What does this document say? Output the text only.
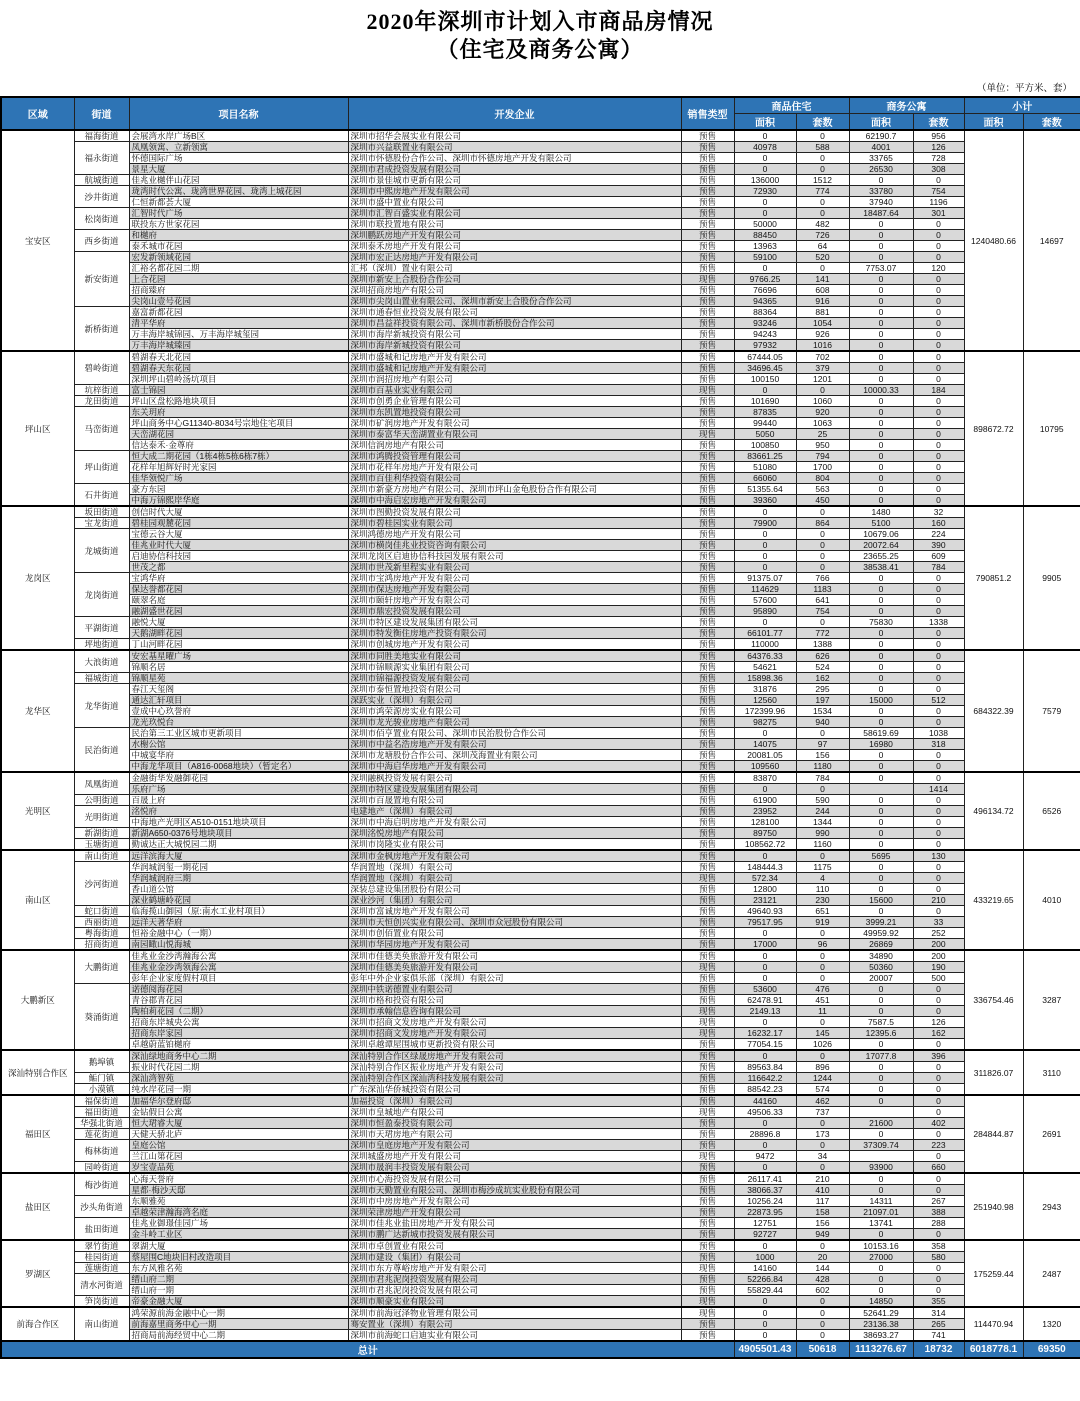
2020年深圳市计划入市商品房情况
（住宅及商务公寓）
（单位：平方米、套）
区域	街道	项目名称	开发企业	销售类型	商品住宅		商务公寓		小计	
					面积	套数	面积	套数	面积	套数
宝安区	福海街道	会展湾水岸广场B区	深圳市招华会展实业有限公司	预售	0	0	62190.7	956	1240480.66	14697
	福永街道	凤凰领寓、立新领寓	深圳市兴益联置业有限公司	预售	40978	588	4001	126		
		怀德国际广场	深圳市怀德股份合作公司、深圳市怀德房地产开发有限公司	预售	0	0	33765	728		
		景星大厦	深圳市君成投资发展有限公司	预售	0	0	26530	308		
	航城街道	佳兆业樾伴山花园	深圳市景佳城市更新有限公司	预售	136000	1512	0	0		
	沙井街道	珑湾时代公寓、珑湾世界花园、珑湾上城花园	深圳市中熙房地产开发有限公司	预售	72930	774	33780	754		
		仁恒新都荟大厦	深圳市盛中置业有限公司	预售	0	0	37940	1196		
	松岗街道	汇智时代广场	深圳市汇智百盛实业有限公司	预售	0	0	18487.64	301		
		联投东方世家花园	深圳市联投置地有限公司	预售	50000	482	0	0		
	西乡街道	和樾府	深圳鹏跃房地产开发有限公司	预售	88450	726	0	0		
		泰禾城市花园	深圳泰禾房地产开发有限公司	预售	13963	64	0	0		
	新安街道	宏发新领域花园	深圳市宏正达房地产开发有限公司	预售	59100	520	0	0		
		汇裕名都花园二期	汇邦（深圳）置业有限公司	预售	0	0	7753.07	120		
		上合花园	深圳市新安上合股份合作公司	现售	9766.25	141	0	0		
		招商臻府	深圳招商房地产有限公司	预售	76696	608	0	0		
		尖岗山壹号花园	深圳市尖岗山置业有限公司、深圳市新安上合股份合作公司	预售	94365	916	0	0		
	新桥街道	嘉富新都花园	深圳市通春恒业投资发展有限公司	预售	88364	881	0	0		
		清平华府	深圳市昌益祥投资有限公司、深圳市新桥股份合作公司	预售	93246	1054	0	0		
		万丰海岸城锦园、万丰海岸城玺园	深圳市海岸新城投资有限公司	预售	94243	926	0	0		
		万丰海岸城臻园	深圳市海岸新城投资有限公司	预售	97932	1016	0	0		
坪山区	碧岭街道	碧湖春天北花园	深圳市盛城和记房地产开发有限公司	预售	67444.05	702	0	0	898672.72	10795
		碧湖春天东花园	深圳市盛城和记房地产开发有限公司	预售	34696.45	379	0	0		
		深圳坪山碧岭汤坑项目	深圳市润招房地产有限公司	预售	100150	1201	0	0		
	坑梓街道	富士锦园	深圳市百基业实业有限公司	现售	0	0	10000.33	184		
	龙田街道	坪山区盘松路地块项目	深圳市创勇企业管理有限公司	预售	101690	1060	0	0		
	马峦街道	东关玥府	深圳市东凯置地投资有限公司	预售	87835	920	0	0		
		坪山商务中心G11340-8034号宗地住宅项目	深圳市矿润房地产开发有限公司	预售	99440	1063	0	0		
		天峦湖花园	深圳市泰富华天峦湖置业有限公司	现售	5050	25	0	0		
		信达泰禾·金尊府	深圳信润房地产有限公司	预售	100850	950	0	0		
	坪山街道	恒大成二期花园（1栋4栋5栋6栋7栋）	深圳市鸿腾投资管理有限公司	预售	83661.25	794	0	0		
		花样年旭辉好时光家园	深圳市花样年房地产开发有限公司	预售	51080	1700	0	0		
		佳华领悦广场	深圳市百佳利华投资有限公司	预售	66060	804	0	0		
	石井街道	豪方东园	深圳市新豪方房地产有限公司、深圳市坪山金龟股份合作有限公司	预售	51355.64	563	0	0		
		中海万锦熙岸华庭	深圳市中海启宏房地产开发有限公司	预售	39360	450	0	0		
龙岗区	坂田街道	创信时代大厦	深圳市图勤投资发展有限公司	预售	0	0	1480	32	790851.2	9905
	宝龙街道	碧桂园观麓花园	深圳市碧桂园实业有限公司	预售	79900	864	5100	160		
	龙城街道	宝德云谷大厦	深圳鸿德房地产开发有限公司	预售	0	0	10679.06	224		
		佳兆业时代大厦	深圳市横岗佳兆业投资咨询有限公司	预售	0	0	20072.64	390		
		启迪协信科技园	深圳龙岗区启迪协信科技园发展有限公司	预售	0	0	23655.25	609		
		世茂之都	深圳市世茂新里程实业有限公司	预售	0	0	38538.41	784		
	龙岗街道	宝鸿华府	深圳市宝鸿房地产开发有限公司	预售	91375.07	766	0	0		
		保达誉都花园	深圳市保达房地产开发有限公司	预售	114629	1183	0	0		
		颐翠名庭	深圳市颐轩房地产开发有限公司	预售	57600	641	0	0		
		融湖盛世花园	深圳市鼎宏投资发展有限公司	预售	95890	754	0	0		
	平湖街道	融悦大厦	深圳市特区建设发展集团有限公司	预售	0	0	75830	1338		
		天鹅湖畔花园	深圳市特发衡住房地产投资有限公司	预售	66101.77	772	0	0		
	坪地街道	丁山河畔花园	深圳市创城房地产开发有限公司	预售	110000	1388	0	0		
龙华区	大浪街道	安宏基星曜广场	深圳市同胜美地实业有限公司	预售	64376.33	626	0	0	684322.39	7579
		锦顺名居	深圳市锦顺源实业集团有限公司	预售	54621	524	0	0		
	福城街道	锦顺星苑	深圳市锦福源投资发展有限公司	预售	15898.36	162	0	0		
	龙华街道	春江天玺阁	深圳市泰恒置地投资有限公司	预售	31876	295	0	0		
		通达汇轩项目	深跃实业（深圳）有限公司	预售	12560	197	15000	512		
		壹成中心玖誉府	深圳市鸿荣源房实业有限公司	预售	172399.96	1534	0	0		
		龙光玖悦台	深圳市龙光骏业房地产有限公司	预售	98275	940	0	0		
	民治街道	民治第三工业区城市更新项目	深圳市佰亨置业有限公司、深圳市民治股份合作公司	预售	0	0	58619.69	1038		
		水榭公馆	深圳市中益名浩房地产开发有限公司	预售	14075	97	16980	318		
		中城宴华府	深圳市龙塘股份合作公司、深圳茂海置业有限公司	预售	20081.05	156	0	0		
		中海龙华项目（A816-0068地块）（暂定名）	深圳市中海启华房地产开发有限公司	预售	109560	1180	0	0		
光明区	凤凰街道	金融街华发融御花园	深圳融枫投资发展有限公司	预售	83870	784	0	0	496134.72	6526
		乐府广场	深圳市特区建设发展集团有限公司	预售	0	0		1414		
	公明街道	百晟上府	深圳市百晟置地有限公司	预售	61900	590	0	0		
	光明街道	洺悦府	电建地产（深圳）有限公司	预售	23952	244	0	0		
		中海地产光明区A510-0151地块项目	深圳市中海启明房地产开发有限公司	预售	128100	1344	0	0		
	新湖街道	新湖A650-0376号地块项目	深圳洺悦房地产有限公司	预售	89750	990	0	0		
	玉塘街道	勤诚达正大城悦园二期	深圳市岗隆实业有限公司	预售	108562.72	1160	0	0		
南山区	南山街道	远洋滨海大厦	深圳市金枫房地产开发有限公司	预售	0	0	5695	130	433219.65	4010
	沙河街道	华润城润玺一期花园	华润置地（深圳）有限公司	预售	148444.3	1175	0	0		
		华润城润府三期	华润置地（深圳）有限公司	现售	572.34	4	0	0		
		香山道公馆	深装总建设集团股份有限公司	预售	12800	110	0	0		
		深业鹤塘岭花园	深业沙河（集团）有限公司	预售	23121	230	15600	210		
	蛇口街道	临海揽山御园（原:南水工业村项目）	深圳市富诚房地产开发有限公司	预售	49640.93	651	0	0		
	西丽街道	远洋天著华府	深圳市天恒创兴实业有限公司、深圳市众冠股份有限公司	预售	79517.95	919	3999.21	33		
	粤海街道	恒裕金融中心（一期）	深圳市创佰置业有限公司	预售	0	0	49959.92	252		
	招商街道	南园瞰山悦海城	深圳市华园房地产开发有限公司	预售	17000	96	26869	200		
大鹏新区	大鹏街道	佳兆业金沙湾瀚海公寓	深圳市佳德美奂旅游开发有限公司	预售	0	0	34890	200	336754.46	3287
		佳兆业金沙湾领海公寓	深圳市佳德美奂旅游开发有限公司	现售	0	0	50360	190		
		彭年企业家度假村项目	彭年中外企业家俱乐部（深圳）有限公司	预售	0	0	20007	500		
	葵涌街道	诺德阅海花园	深圳中铁诺德置业有限公司	预售	53600	476	0	0		
		青谷郡青花园	深圳市格和投资有限公司	预售	62478.91	451	0	0		
		陶柏莉花园（二期）	深圳市承翰信息咨询有限公司	现售	2149.13	11	0	0		
		招商东岸城央公寓	深圳市招商文发房地产开发有限公司	现售	0	0	7587.5	126		
		招商东岸家园	深圳市招商文发房地产开发有限公司	现售	16232.17	145	12395.6	162		
		卓越蔚蓝铂樾府	深圳卓越谭屋围城市更新投资有限公司	预售	77054.15	1026	0	0		
深汕特别合作区	鹅埠镇	深汕绿地商务中心二期	深汕特别合作区绿晟房地产开发有限公司	预售	0	0	17077.8	396	311826.07	3110
		振业时代花园二期	深汕特别合作区振业房地产开发有限公司	预售	89563.84	896	0	0		
	鲘门镇	深汕湾智苑	深汕特别合作区深汕湾科技发展有限公司	预售	116642.2	1244	0	0		
	小漠镇	纯水岸花园一期	广东深汕华侨城投资有限公司	预售	88542.23	574	0	0		
福田区	福保街道	加福华尔登府邸	加福投资（深圳）有限公司	预售	44160	462	0	0	284844.87	2691
	福田街道	金钻假日公寓	深圳市皇城地产有限公司	现售	49506.33	737		0		
	华强北街道	恒大珺睿大厦	深圳市恒盈泰投资有限公司	预售	0	0	21600	402		
	莲花街道	天健天骄北庐	深圳市天珺房地产有限公司	预售	28896.8	173	0	0		
	梅林街道	皇庭公馆	深圳市皇庭房地产开发有限公司	预售	0	0	37309.74	223		
		兰江山第花园	深圳城盛房地产开发有限公司	现售	9472	34		0		
	园岭街道	岁宝壹品苑	深圳市晟润丰投资发展有限公司	预售	0	0	93900	660		
盐田区	梅沙街道	心海天誉府	深圳市心海投资发展有限公司	预售	26117.41	210	0	0	251940.98	2943
		星都·梅沙天邸	深圳市天勤置业有限公司、深圳市梅沙成坑实业股份有限公司	预售	38066.37	410	0	0		
	沙头角街道	东顺雅苑	深圳市中房房地产开发有限公司	预售	10256.24	117	14311	267		
		卓越荣津瀚海湾名庭	深圳荣津房地产开发有限公司	预售	22873.95	158	21097.01	388		
	盐田街道	佳兆业御璟佳园广场	深圳市佳兆业盐田房地产开发有限公司	预售	12751	156	13741	288		
		金斗岭工业区	深圳市鹏广达新城市投资发展有限公司	预售	92727	949	0	0		
罗湖区	翠竹街道	翠湖大厦	深圳市卓创置业有限公司	预售	0	0	10153.16	358	175259.44	2487
	桂园街道	蔡屋围C地块旧村改造项目	深圳市建设（集团）有限公司	预售	1000	20	27000	580		
	莲塘街道	东方风雅名苑	深圳市东方尊峪房地产开发有限公司	现售	14160	144	0	0		
	清水河街道	缙山府二期	深圳市君兆泥岗投资发展有限公司	预售	52266.84	428	0	0		
		缙山府一期	深圳市君兆泥岗投资发展有限公司	预售	55829.44	602	0	0		
	笋岗街道	帝豪金融大厦	深圳市顺豪实业有限公司	现售	0	0	14850	355		
前海合作区	南山街道	鸿荣源前海金融中心一期	深圳市前海冠泽物业管理有限公司	现售	0	0	52641.29	314	114470.94	1320
		前海嘉里商务中心一期	骞安置业（深圳）有限公司	预售	0	0	23136.38	265		
		招商局前海经贸中心二期	深圳市前海蛇口启迪实业有限公司	预售	0	0	38693.27	741		
总计					4905501.43	50618	1113276.67	18732	6018778.1	69350
